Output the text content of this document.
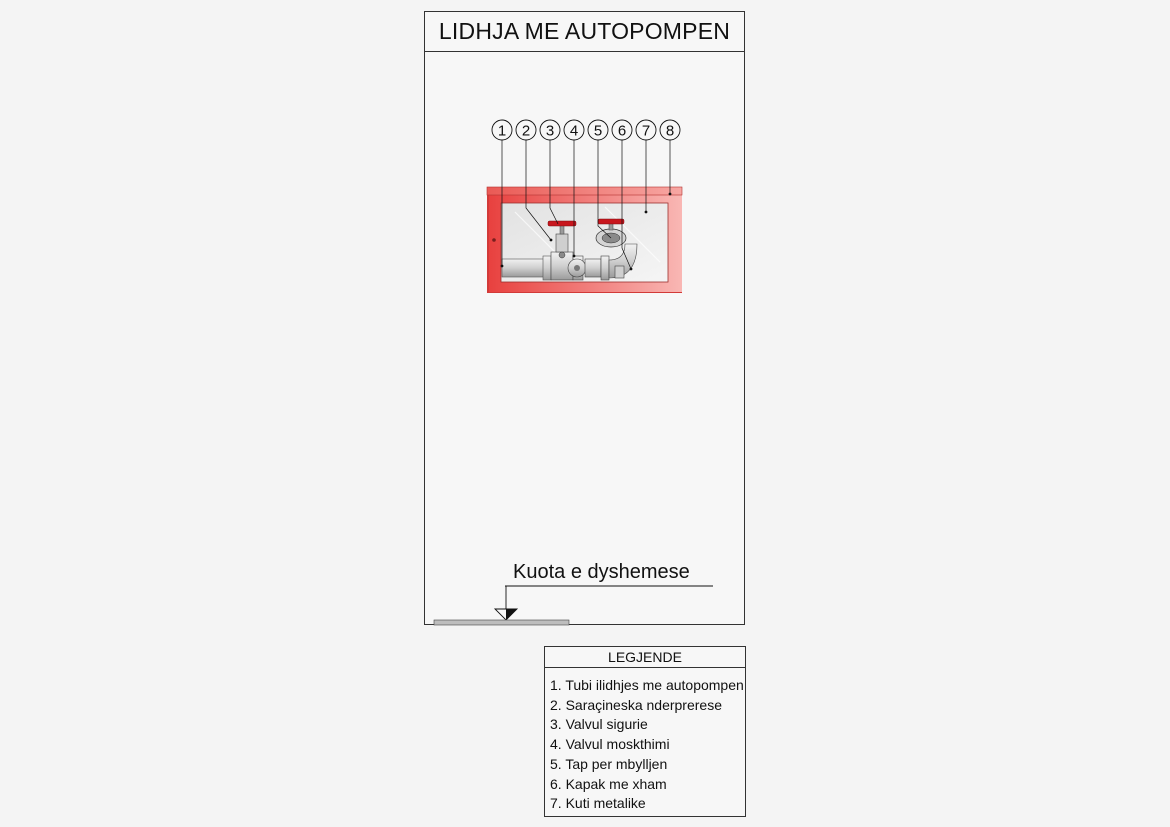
LIDHJA ME AUTOPOMPEN
1 2 3 4 5 6 7 8
Kuota e dyshemese
LEGJENDE
1. Tubi ilidhjes me autopompen
2. Saraçineska nderprerese
3. Valvul sigurie
4. Valvul moskthimi
5. Tap per mbylljen
6. Kapak me xham
7. Kuti metalike
